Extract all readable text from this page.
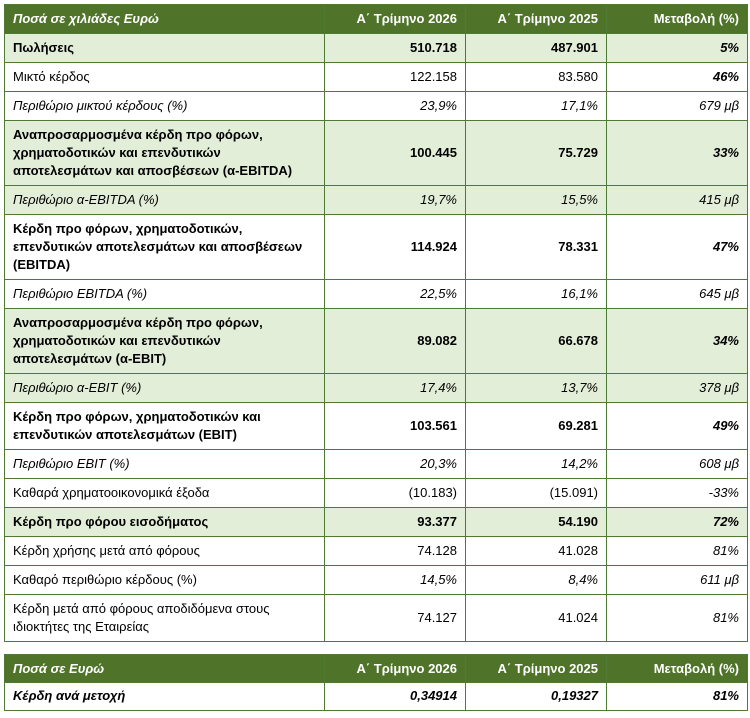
Ποσά σε χιλιάδες Ευρώ	Α΄ Τρίμηνο 2026	Α΄ Τρίμηνο 2025	Μεταβολή (%)
Πωλήσεις	510.718	487.901	5%
Μικτό κέρδος	122.158	83.580	46%
Περιθώριο μικτού κέρδους (%)	23,9%	17,1%	679 μβ
Αναπροσαρμοσμένα κέρδη προ φόρων, χρηματοδοτικών και επενδυτικών αποτελεσμάτων και αποσβέσεων (α-EBITDA)	100.445	75.729	33%
Περιθώριο α-EBITDA (%)	19,7%	15,5%	415 μβ
Κέρδη προ φόρων, χρηματοδοτικών, επενδυτικών αποτελεσμάτων και αποσβέσεων (EBITDA)	114.924	78.331	47%
Περιθώριο EBITDA (%)	22,5%	16,1%	645 μβ
Αναπροσαρμοσμένα κέρδη προ φόρων, χρηματοδοτικών και επενδυτικών αποτελεσμάτων (α-EBIT)	89.082	66.678	34%
Περιθώριο α-EBIT (%)	17,4%	13,7%	378 μβ
Κέρδη προ φόρων, χρηματοδοτικών και επενδυτικών αποτελεσμάτων (EBIT)	103.561	69.281	49%
Περιθώριο EBIT (%)	20,3%	14,2%	608 μβ
Καθαρά χρηματοοικονομικά έξοδα	(10.183)	(15.091)	-33%
Κέρδη προ φόρου εισοδήματος	93.377	54.190	72%
Κέρδη χρήσης μετά από φόρους	74.128	41.028	81%
Καθαρό περιθώριο κέρδους (%)	14,5%	8,4%	611 μβ
Κέρδη μετά από φόρους αποδιδόμενα στους ιδιοκτήτες της Εταιρείας	74.127	41.024	81%
Ποσά σε Ευρώ	Α΄ Τρίμηνο 2026	Α΄ Τρίμηνο 2025	Μεταβολή (%)
Κέρδη ανά μετοχή	0,34914	0,19327	81%
